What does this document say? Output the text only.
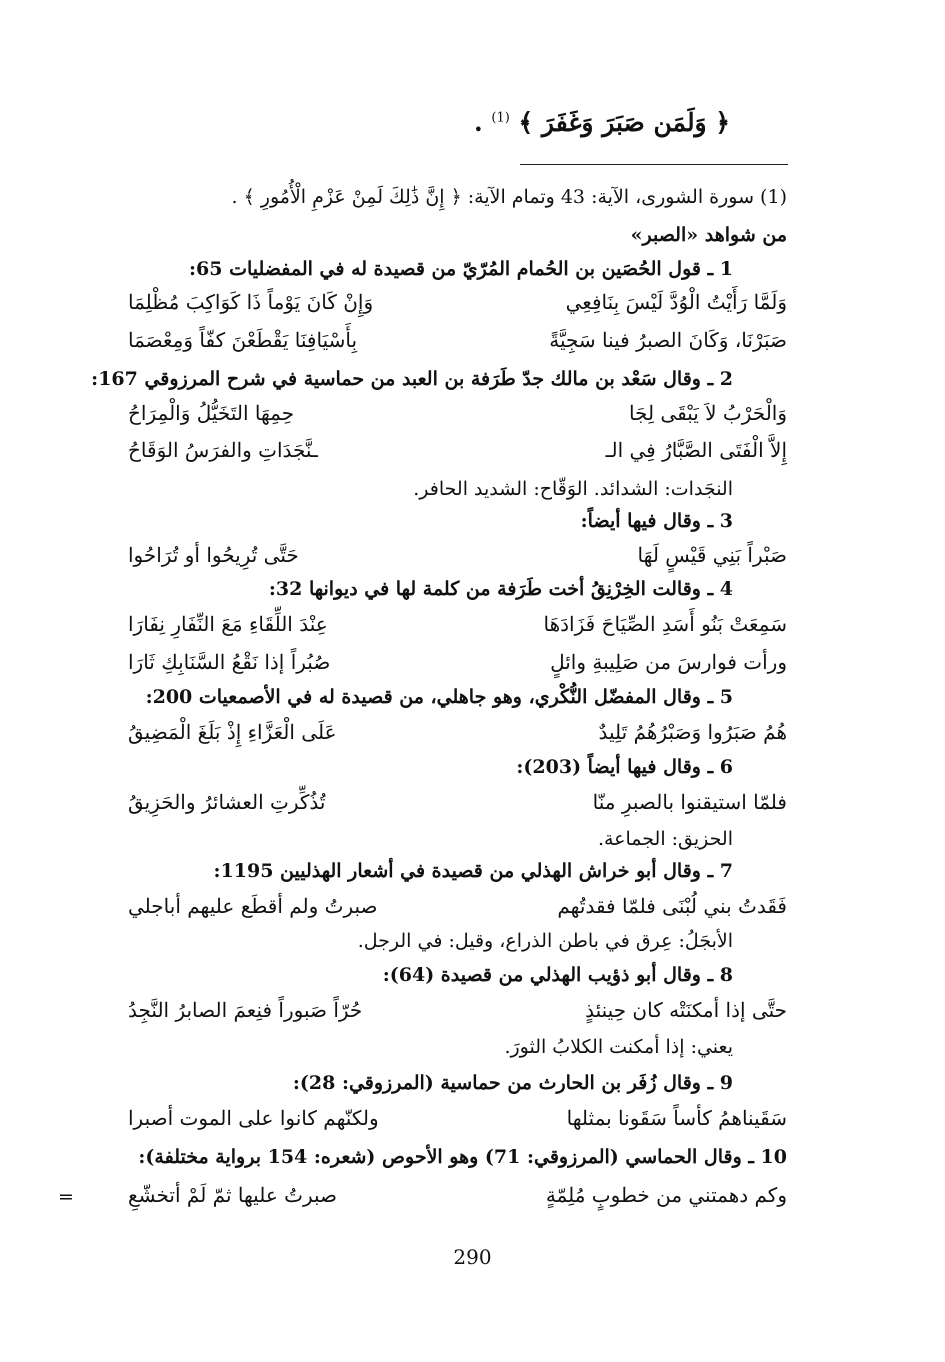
﴿ وَلَمَن صَبَرَ وَغَفَرَ ﴾ $^{(1)}$ .
(1) سورة الشورى، الآية: 43 وتمام الآية: ﴿ إِنَّ ذَٰلِكَ لَمِنْ عَزْمِ الْأُمُورِ ﴾ .
من شواهد «الصبر»
1 ـ قول الحُصَين بن الحُمام المُرّيّ من قصيدة له في المفضليات 65:
وَلَمَّا رَأَيْتُ الْوُدَّ لَيْسَ بِنَافِعِي
وَإِنْ كَانَ يَوْماً ذَا كَوَاكِبَ مُظْلِمَا
صَبَرْنَا، وَكَانَ الصبرُ فينا سَجِيَّةً
بِأَسْيَافِنَا يَقْطَعْنَ كفّاً وَمِعْصَمَا
2 ـ وقال سَعْد بن مالك جدّ طَرَفة بن العبد من حماسية في شرح المرزوقي 167:
وَالْحَرْبُ لاَ يَبْقَى لِجَا
حِمِهَا التَخَيُّلُ وَالْمِرَاحُ
إِلاَّ الْفَتَى الصَّبَّارُ فِي الـ
ـنَّجَدَاتِ والفرَسُ الوَقَاحُ
النجَدات: الشدائد. الوَقّاح: الشديد الحافر.
3 ـ وقال فيها أيضاً:
صَبْراً بَنِي قَيْسٍ لَهَا
حَتَّى تُرِيحُوا أو تُرَاحُوا
4 ـ وقالت الخِرْنِقُ أخت طَرَفة من كلمة لها في ديوانها 32:
سَمِعَتْ بَنُو أَسَدِ الصِّيَاحَ فَزَادَهَا
عِنْدَ اللِّقَاءِ مَعَ النِّفَارِ نِفَارَا
ورأت فوارسَ من صَلِيبةِ وائلٍ
صُبُراً إذا نَقْعُ السَّنَابِكِ ثَارَا
5 ـ وقال المفضّل النُّكْري، وهو جاهلي، من قصيدة له في الأصمعيات 200:
هُمُ صَبَرُوا وَصَبْرُهُمُ تَلِيدٌ
عَلَى الْعَزَّاءِ إِذْ بَلَغَ الْمَضِيقُ
6 ـ وقال فيها أيضاً (203):
فلمّا استيقنوا بالصبرِ منّا
تُذُكِّرتِ العشائرُ والحَزِيقُ
الحزيق: الجماعة.
7 ـ وقال أبو خراش الهذلي من قصيدة في أشعار الهذليين 1195:
فَقَدتُ بني لُبْنَى فلمّا فقدتُهم
صبرتُ ولم أقطَع عليهم أباجلي
الأبجَلُ: عِرق في باطن الذراع، وقيل: في الرجل.
8 ـ وقال أبو ذؤيب الهذلي من قصيدة (64):
حتَّى إذا أمكنَتْه كان حِينئذٍ
حُرّاً صَبوراً فنِعمَ الصابرُ النَّجِدُ
يعني: إذا أمكنت الكلابُ الثورَ.
9 ـ وقال زُفَر بن الحارث من حماسية (المرزوقي: 28):
سَقَيناهمُ كأساً سَقَونا بمثلها
ولكنّهم كانوا على الموت أصبرا
10 ـ وقال الحماسي (المرزوقي: 71) وهو الأحوص (شعره: 154 برواية مختلفة):
وكم دهمتني من خطوبٍ مُلِمّةٍ
صبرتُ عليها ثمّ لَمْ أتخشّعِ
=
290
